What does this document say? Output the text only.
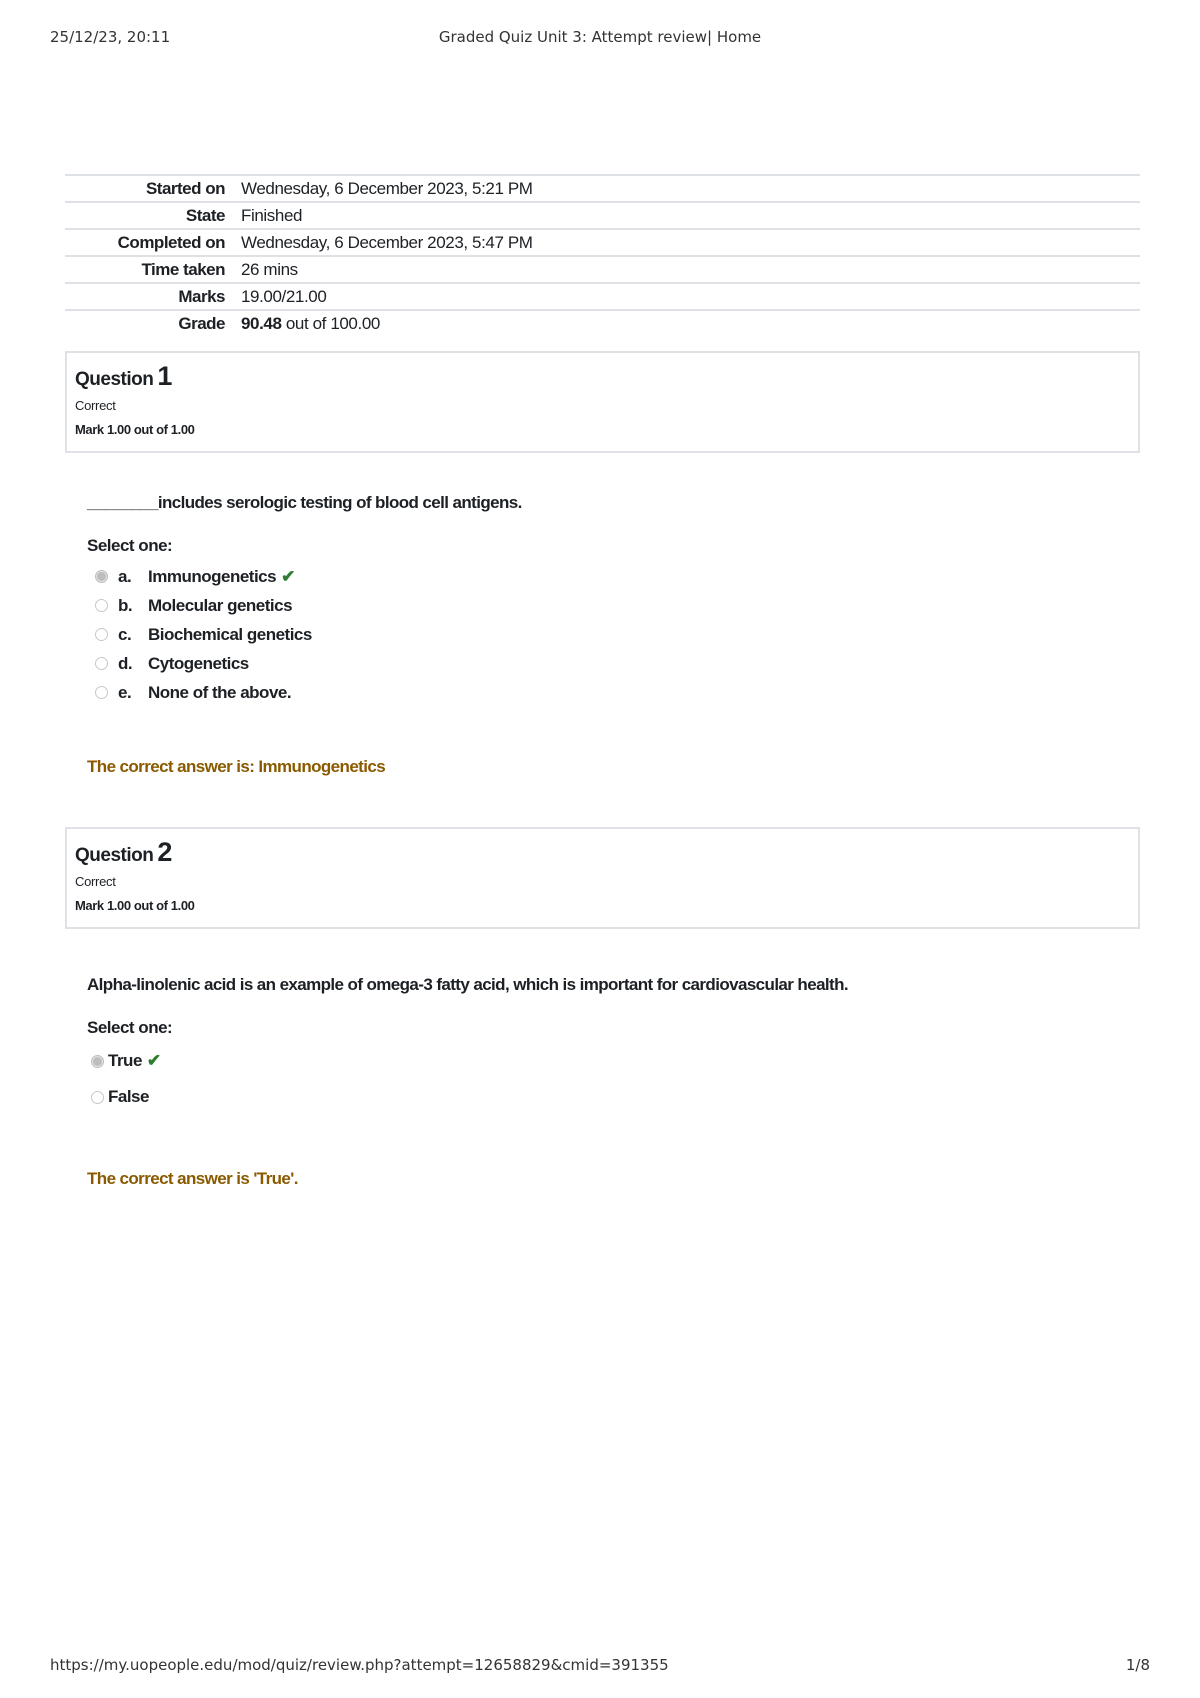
Graded Quiz Unit 3: Attempt review| Home
25/12/23, 20:11
Started on	Wednesday, 6 December 2023, 5:21 PM
State	Finished
Completed on	Wednesday, 6 December 2023, 5:47 PM
Time taken	26 mins
Marks	19.00/21.00
Grade	90.48 out of 100.00
Question 1
Correct
Mark 1.00 out of 1.00
________includes serologic testing of blood cell antigens.
Select one:
a. Immunogenetics ✔
b. Molecular genetics
c. Biochemical genetics
d. Cytogenetics
e. None of the above.
The correct answer is: Immunogenetics
Question 2
Correct
Mark 1.00 out of 1.00
Alpha-linolenic acid is an example of omega-3 fatty acid, which is important for cardiovascular health.
Select one:
True ✔
False
The correct answer is 'True'.
https://my.uopeople.edu/mod/quiz/review.php?attempt=12658829&cmid=391355	1/8
